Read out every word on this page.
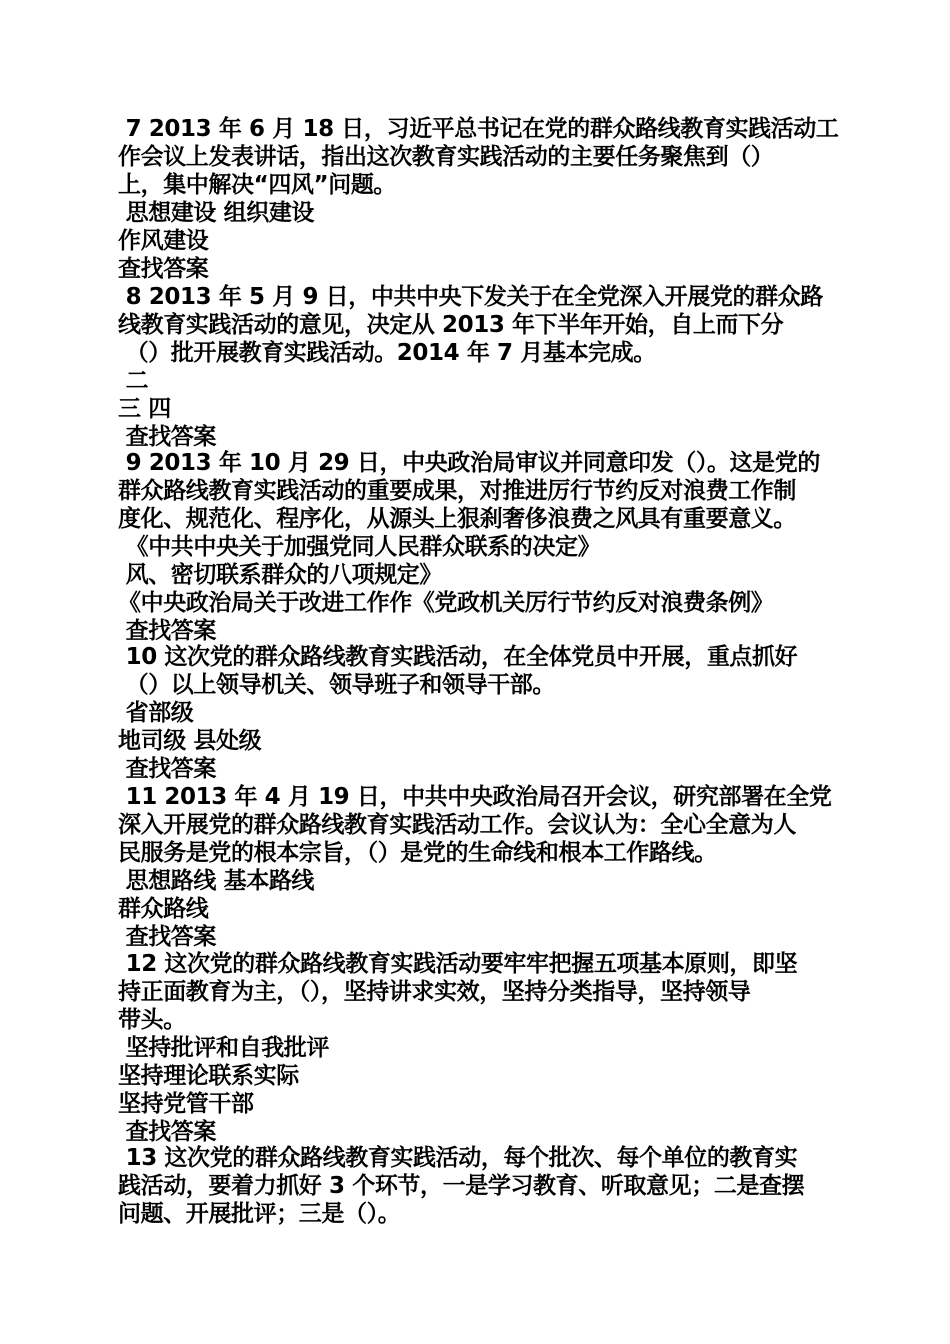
7 2013 年 6 月 18 日，习近平总书记在党的群众路线教育实践活动工
作会议上发表讲话，指出这次教育实践活动的主要任务聚焦到（）
上，集中解决“四风”问题。
思想建设 组织建设
作风建设
查找答案
8 2013 年 5 月 9 日，中共中央下发关于在全党深入开展党的群众路
线教育实践活动的意见，决定从 2013 年下半年开始，自上而下分
（）批开展教育实践活动。2014 年 7 月基本完成。
二
三 四
查找答案
9 2013 年 10 月 29 日，中央政治局审议并同意印发（）。这是党的
群众路线教育实践活动的重要成果，对推进厉行节约反对浪费工作制
度化、规范化、程序化，从源头上狠刹奢侈浪费之风具有重要意义。
《中共中央关于加强党同人民群众联系的决定》
风、密切联系群众的八项规定》
《中央政治局关于改进工作作《党政机关厉行节约反对浪费条例》
查找答案
10 这次党的群众路线教育实践活动，在全体党员中开展，重点抓好
（）以上领导机关、领导班子和领导干部。
省部级
地司级 县处级
查找答案
11 2013 年 4 月 19 日，中共中央政治局召开会议，研究部署在全党
深入开展党的群众路线教育实践活动工作。会议认为：全心全意为人
民服务是党的根本宗旨，（）是党的生命线和根本工作路线。
思想路线 基本路线
群众路线
查找答案
12 这次党的群众路线教育实践活动要牢牢把握五项基本原则，即坚
持正面教育为主，（），坚持讲求实效，坚持分类指导，坚持领导
带头。
坚持批评和自我批评
坚持理论联系实际
坚持党管干部
查找答案
13 这次党的群众路线教育实践活动，每个批次、每个单位的教育实
践活动，要着力抓好 3 个环节，一是学习教育、听取意见；二是查摆
问题、开展批评；三是（）。
